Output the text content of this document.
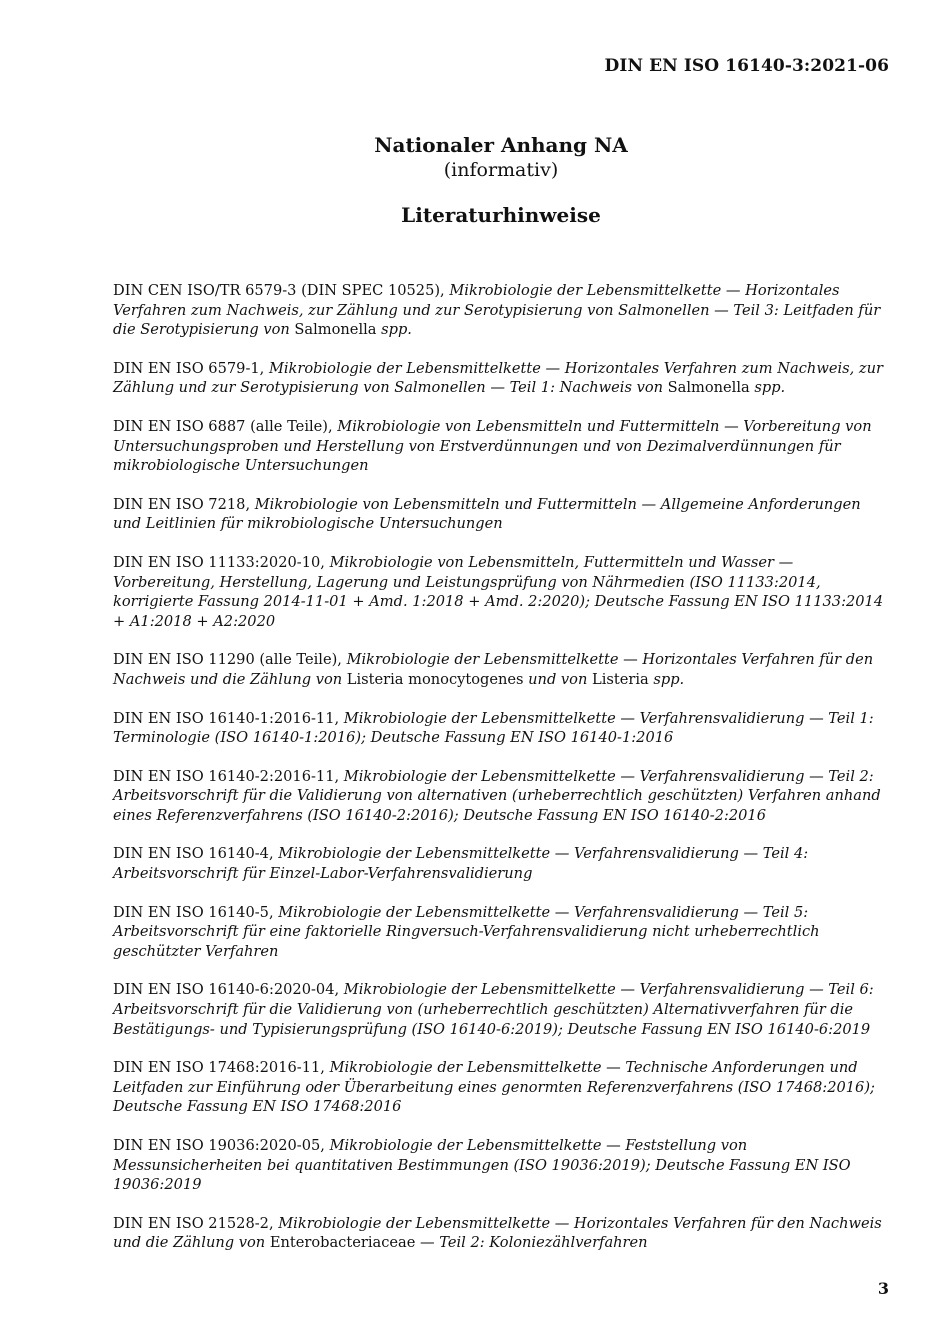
DIN EN ISO 16140-3:2021-06
Nationaler Anhang NA
(informativ)
Literaturhinweise

DIN CEN ISO/TR 6579-3 (DIN SPEC 10525), Mikrobiologie der Lebensmittelkette — Horizontales Verfahren zum Nachweis, zur Zählung und zur Serotypisierung von Salmonellen — Teil 3: Leitfaden für die Serotypisierung von Salmonella spp.

DIN EN ISO 6579-1, Mikrobiologie der Lebensmittelkette — Horizontales Verfahren zum Nachweis, zur Zählung und zur Serotypisierung von Salmonellen — Teil 1: Nachweis von Salmonella spp.

DIN EN ISO 6887 (alle Teile), Mikrobiologie von Lebensmitteln und Futtermitteln — Vorbereitung von Untersuchungsproben und Herstellung von Erstverdünnungen und von Dezimalverdünnungen für mikrobiologische Untersuchungen

DIN EN ISO 7218, Mikrobiologie von Lebensmitteln und Futtermitteln — Allgemeine Anforderungen und Leitlinien für mikrobiologische Untersuchungen

DIN EN ISO 11133:2020-10, Mikrobiologie von Lebensmitteln, Futtermitteln und Wasser — Vorbereitung, Herstellung, Lagerung und Leistungsprüfung von Nährmedien (ISO 11133:2014, korrigierte Fassung 2014-11-01 + Amd. 1:2018 + Amd. 2:2020); Deutsche Fassung EN ISO 11133:2014 + A1:2018 + A2:2020

DIN EN ISO 11290 (alle Teile), Mikrobiologie der Lebensmittelkette — Horizontales Verfahren für den Nachweis und die Zählung von Listeria monocytogenes und von Listeria spp.

DIN EN ISO 16140-1:2016-11, Mikrobiologie der Lebensmittelkette — Verfahrensvalidierung — Teil 1: Terminologie (ISO 16140-1:2016); Deutsche Fassung EN ISO 16140-1:2016

DIN EN ISO 16140-2:2016-11, Mikrobiologie der Lebensmittelkette — Verfahrensvalidierung — Teil 2: Arbeitsvorschrift für die Validierung von alternativen (urheberrechtlich geschützten) Verfahren anhand eines Referenzverfahrens (ISO 16140-2:2016); Deutsche Fassung EN ISO 16140-2:2016

DIN EN ISO 16140-4, Mikrobiologie der Lebensmittelkette — Verfahrensvalidierung — Teil 4: Arbeitsvorschrift für Einzel-Labor-Verfahrensvalidierung

DIN EN ISO 16140-5, Mikrobiologie der Lebensmittelkette — Verfahrensvalidierung — Teil 5: Arbeitsvorschrift für eine faktorielle Ringversuch-Verfahrensvalidierung nicht urheberrechtlich geschützter Verfahren

DIN EN ISO 16140-6:2020-04, Mikrobiologie der Lebensmittelkette — Verfahrensvalidierung — Teil 6: Arbeitsvorschrift für die Validierung von (urheberrechtlich geschützten) Alternativverfahren für die Bestätigungs- und Typisierungsprüfung (ISO 16140-6:2019); Deutsche Fassung EN ISO 16140-6:2019

DIN EN ISO 17468:2016-11, Mikrobiologie der Lebensmittelkette — Technische Anforderungen und Leitfaden zur Einführung oder Überarbeitung eines genormten Referenzverfahrens (ISO 17468:2016); Deutsche Fassung EN ISO 17468:2016

DIN EN ISO 19036:2020-05, Mikrobiologie der Lebensmittelkette — Feststellung von Messunsicherheiten bei quantitativen Bestimmungen (ISO 19036:2019); Deutsche Fassung EN ISO 19036:2019

DIN EN ISO 21528-2, Mikrobiologie der Lebensmittelkette — Horizontales Verfahren für den Nachweis und die Zählung von Enterobacteriaceae — Teil 2: Koloniezählverfahren

3
